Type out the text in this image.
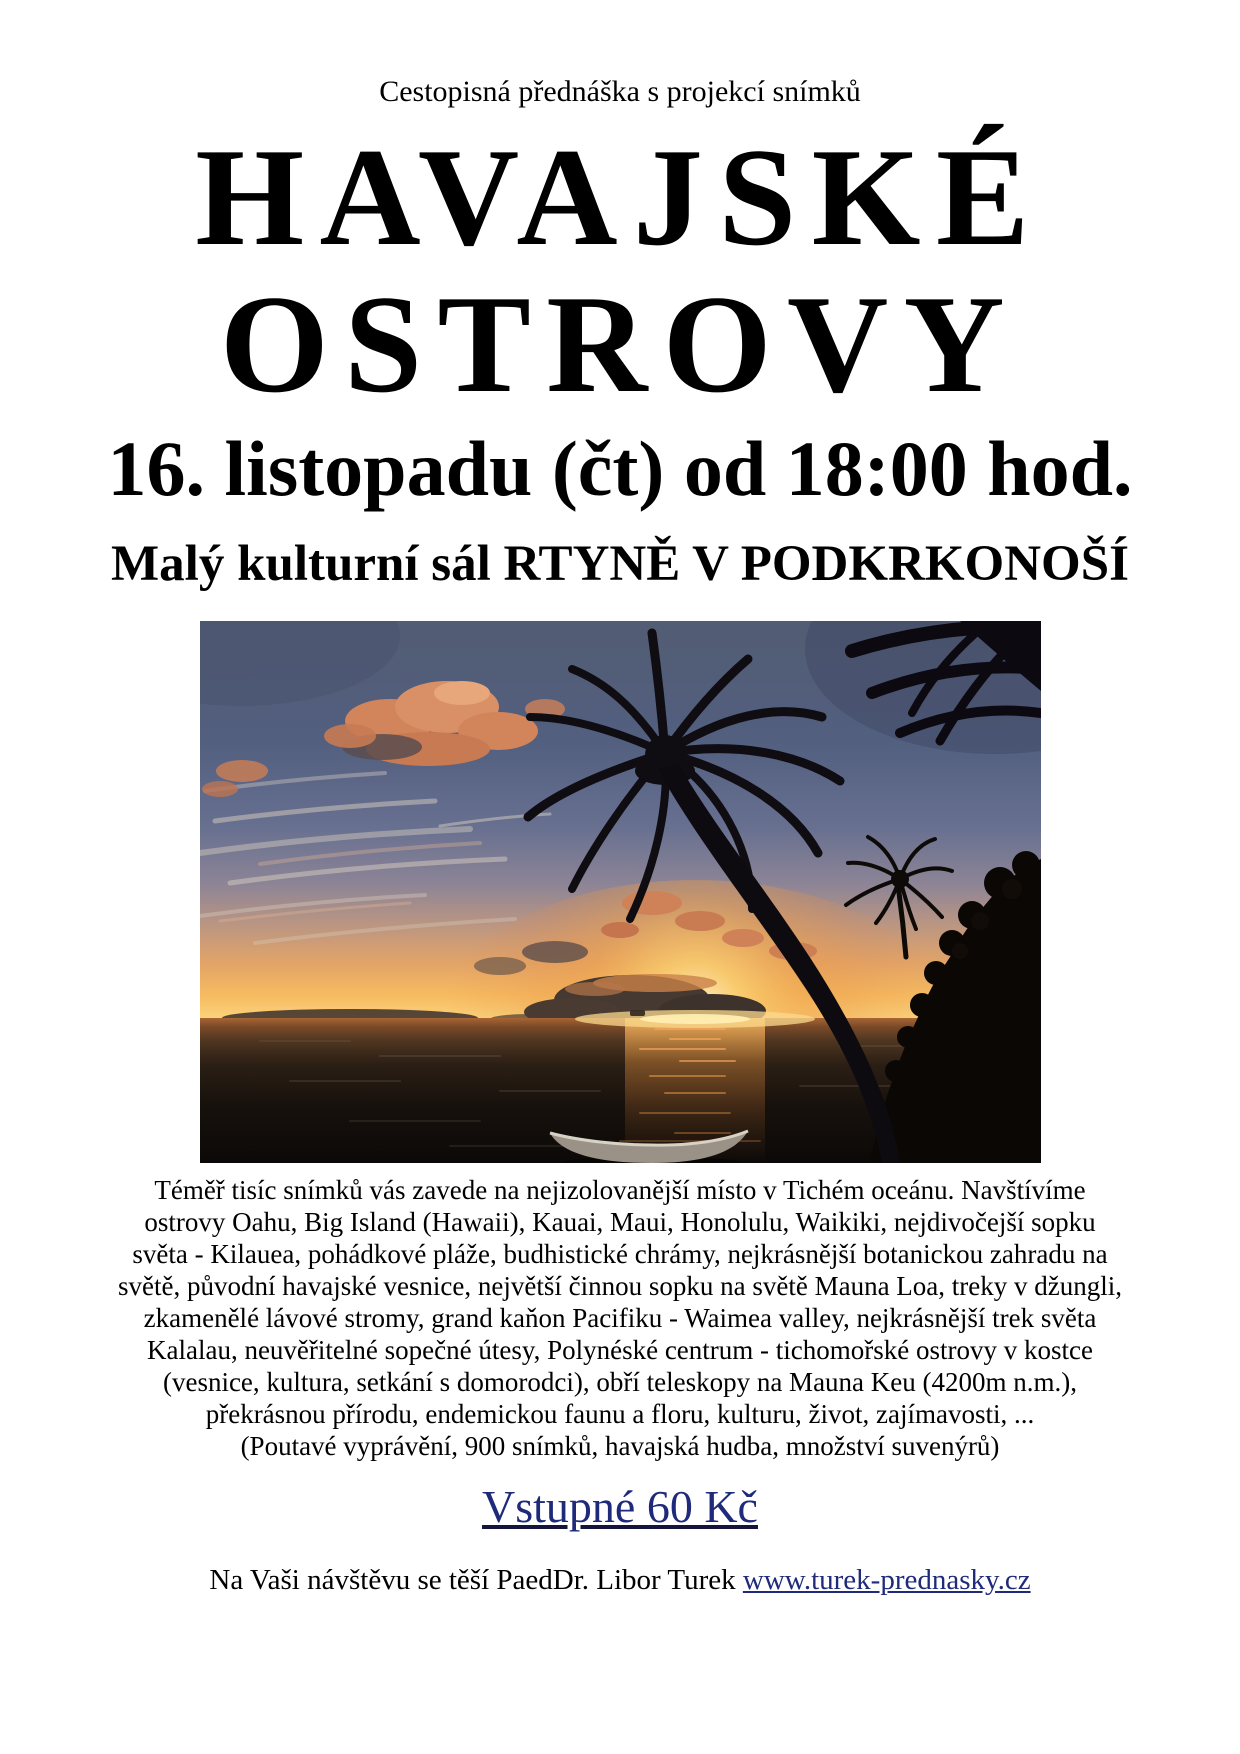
Cestopisná přednáška s projekcí snímků
HAVAJSKÉ
OSTROVY
16. listopadu (čt) od 18:00 hod.
Malý kulturní sál RTYNĚ V PODKRKONOŠÍ
Téměř tisíc snímků vás zavede na nejizolovanější místo v Tichém oceánu. Navštívíme
ostrovy Oahu, Big Island (Hawaii), Kauai, Maui, Honolulu, Waikiki, nejdivočejší sopku
světa - Kilauea, pohádkové pláže, budhistické chrámy, nejkrásnější botanickou zahradu na
světě, původní havajské vesnice, největší činnou sopku na světě Mauna Loa, treky v džungli,
zkamenělé lávové stromy, grand kaňon Pacifiku - Waimea valley, nejkrásnější trek světa
Kalalau, neuvěřitelné sopečné útesy, Polynéské centrum - tichomořské ostrovy v kostce
(vesnice, kultura, setkání s domorodci), obří teleskopy na Mauna Keu (4200m n.m.),
překrásnou přírodu, endemickou faunu a floru, kulturu, život, zajímavosti, ...
(Poutavé vyprávění, 900 snímků, havajská hudba, množství suvenýrů)
Vstupné 60 Kč
Na Vaši návštěvu se těší PaedDr. Libor Turek www.turek-prednasky.cz
